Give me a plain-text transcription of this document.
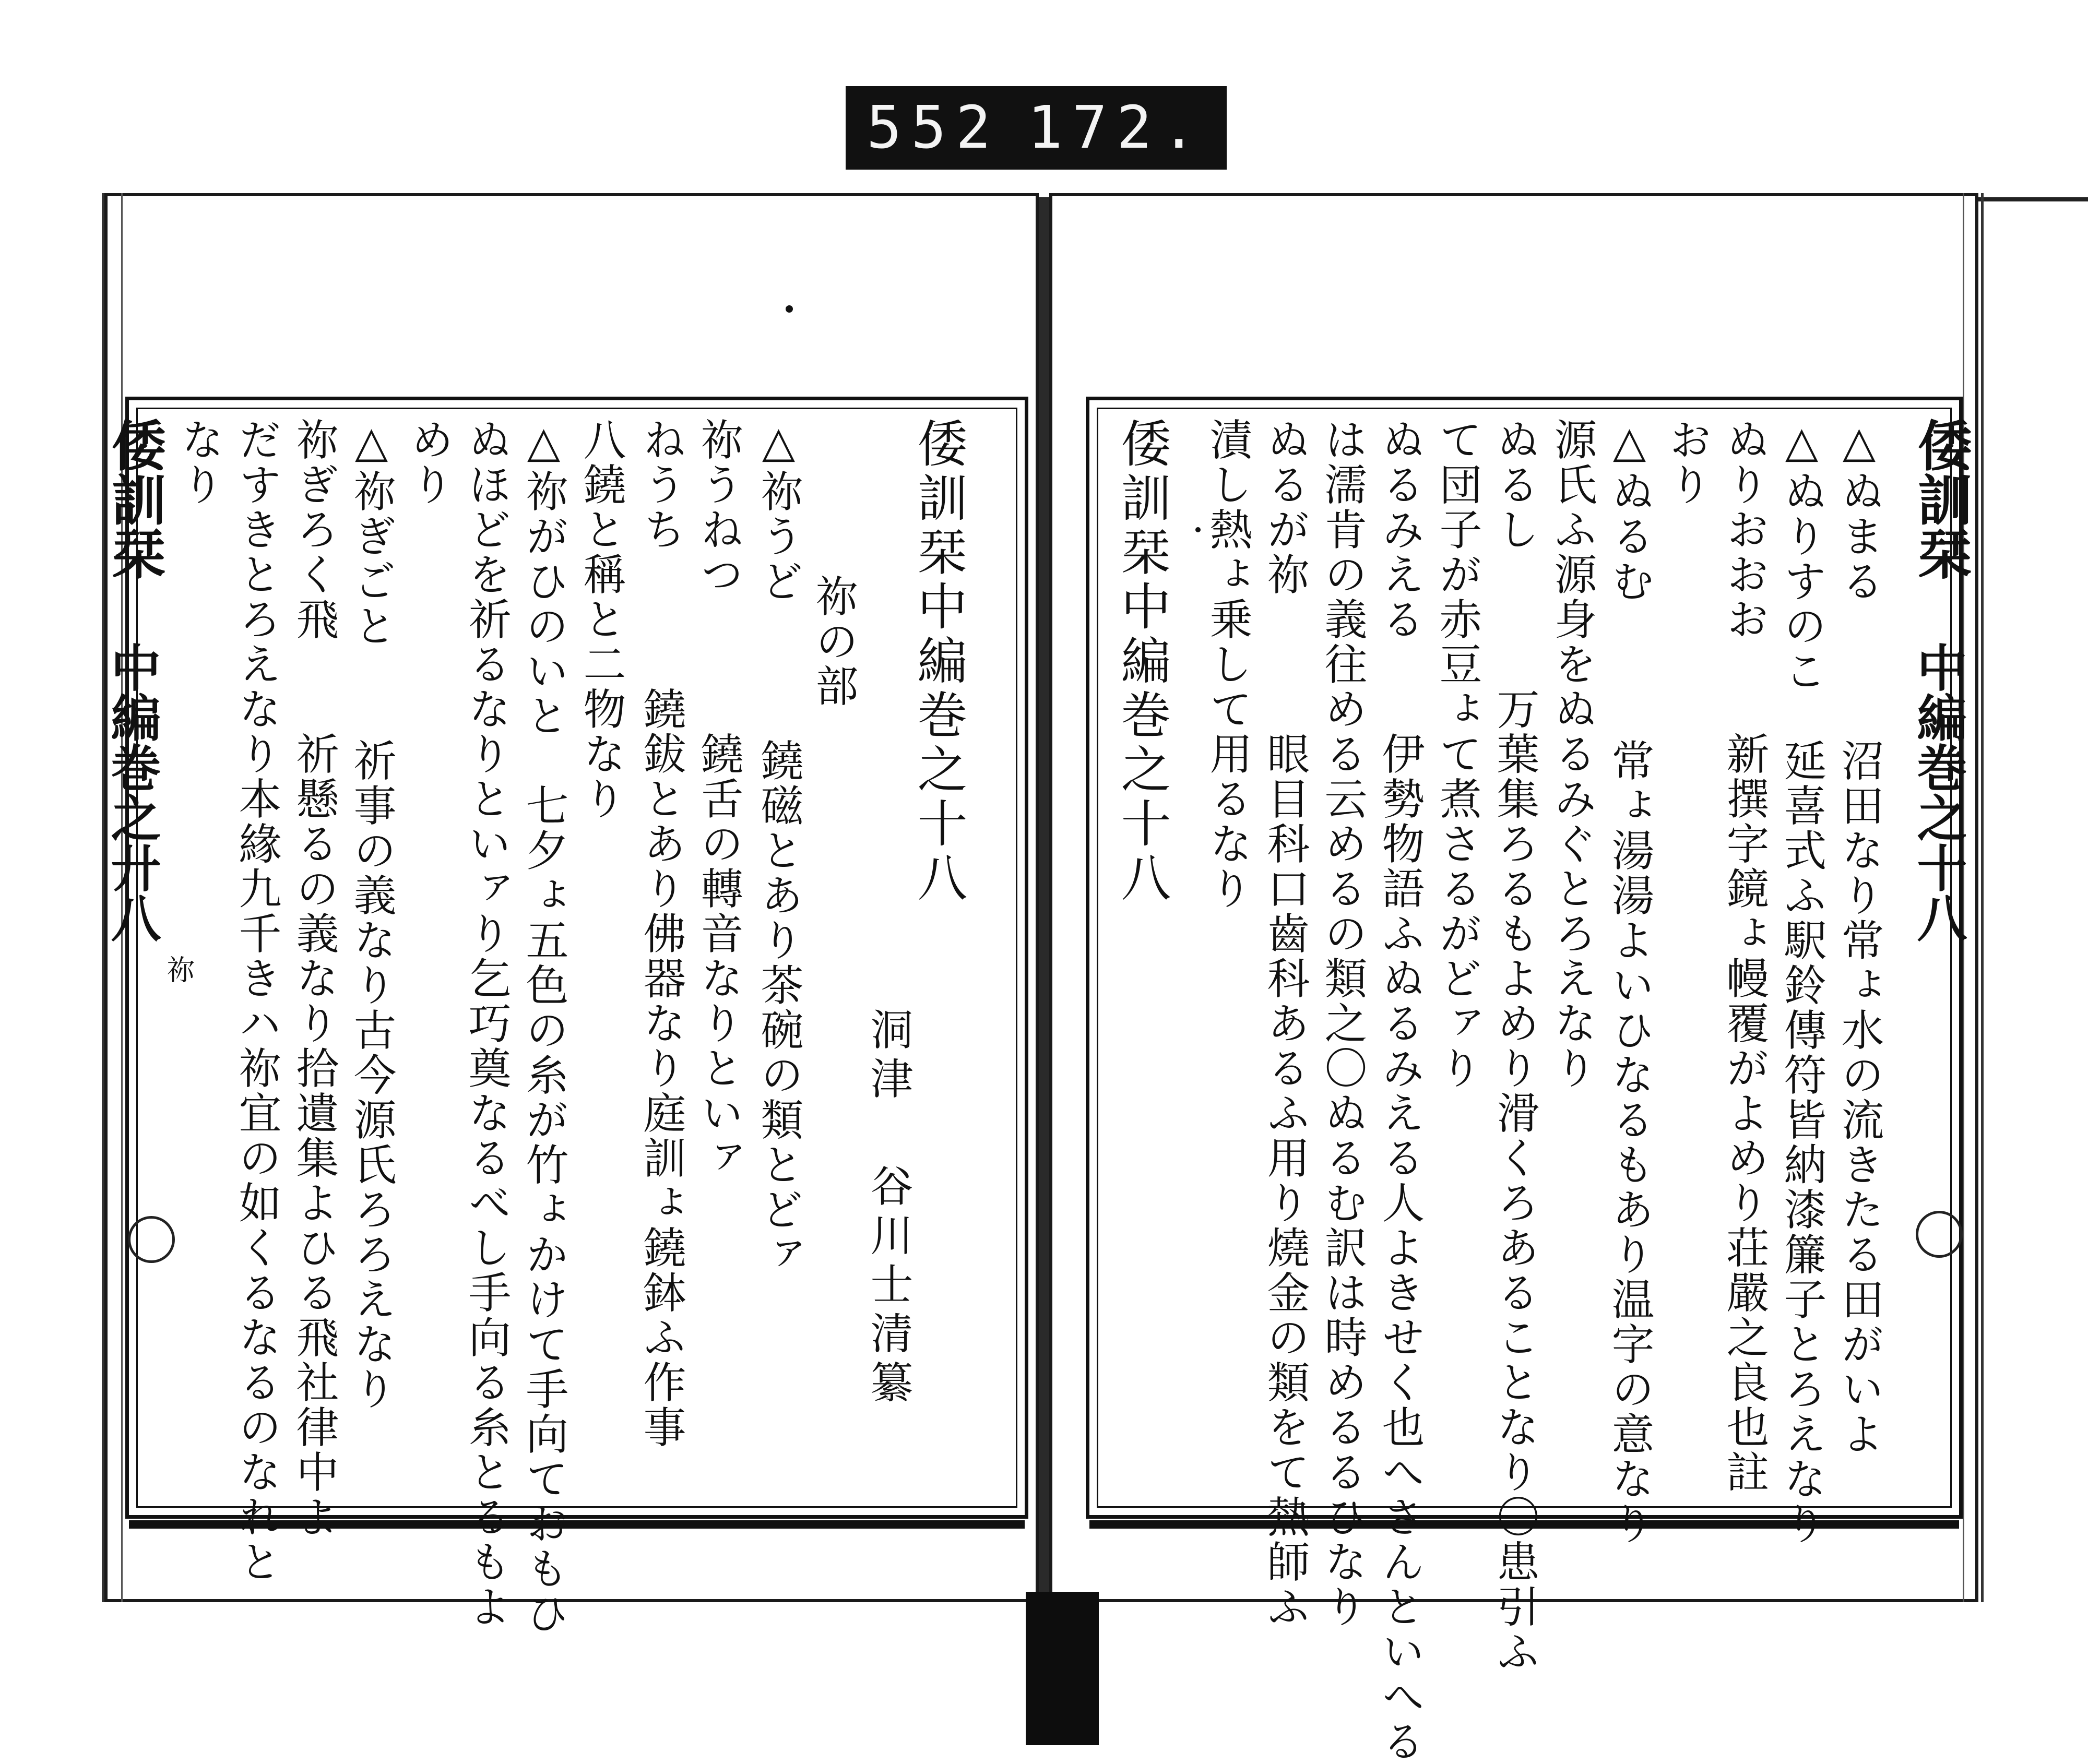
552 172.
倭訓栞
中編巻之廾八
祢
倭訓栞
中編巻之十八
倭訓栞中編巻之十八
祢の部
洞津
谷川士清纂
△祢うど　　　鐃磁とあり茶碗の類とどァ
祢うねつ　　　鐃舌の轉音なりといァ
ねうち　　　鐃鈸とあり佛器なり庭訓ょ鐃鉢ふ作事
八鐃と稱と二物なり
△祢がひのいと　七夕ょ五色の糸が竹ょかけて手向ておもひ
ぬほどを祈るなりといァり乞巧奠なるべし手向る糸とるもよ
めり
△祢ぎごと　　祈事の義なり古今源氏ろろえなり
祢ぎろく飛　　祈懸るの義なり拾遺集よひる飛社律中よ
だすきとろえなり本緣九千きハ祢宜の如くるなるのなれと
なり	△ぬまる　　　沼田なり常ょ水の流きたる田がいよ
△ぬりすのこ　延喜式ふ駅鈴傳符皆納漆簾子とろえなり
ぬりおおお　　新撰字鏡ょ幔覆がよめり荘嚴之良也註
おり
△ぬるむ　　　常ょ湯湯よいひなるもあり温字の意なり
源氏ふ源身をぬるみぐとろえなり
ぬるし　　　万葉集ろるもよめり滑くろあることなり〇患引ふ
て団子が赤豆ょて煮さるがどァり
ぬるみえる　　伊勢物語ふぬるみえる人よきせく也へさんといへる
は濡肯の義往める云めるの類之〇ぬるむ訳は時めるるひなり
ぬるが祢　　　眼目科口齒科あるふ用り燒金の類をて熱師ふ
漬し熱ょ乗して用るなり
倭訓栞中編巻之十八
